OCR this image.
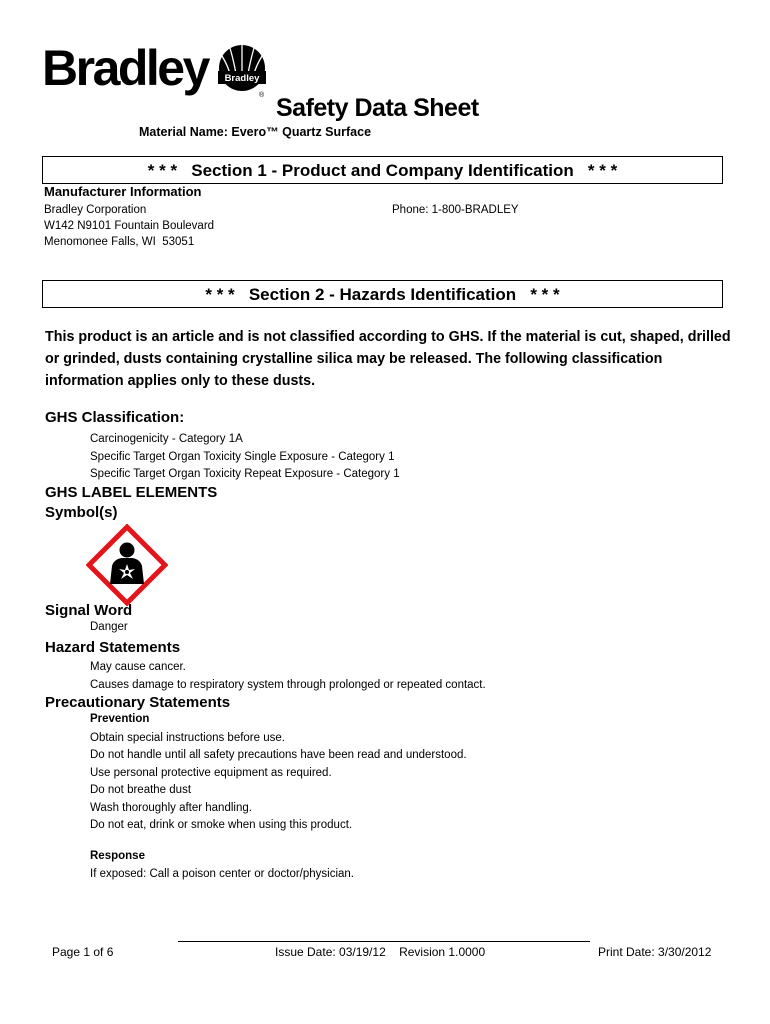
Bradley Bradley
® Safety Data Sheet
Material Name: Evero™ Quartz Surface
* * *   Section 1 - Product and Company Identification   * * *
Manufacturer Information
Bradley Corporation
W142 N9101 Fountain Boulevard
Menomonee Falls, WI  53051
Phone: 1-800-BRADLEY
* * *   Section 2 - Hazards Identification   * * *
This product is an article and is not classified according to GHS. If the material is cut, shaped, drilled or grinded, dusts containing crystalline silica may be released. The following classification information applies only to these dusts.
GHS Classification:
Carcinogenicity - Category 1A
Specific Target Organ Toxicity Single Exposure - Category 1
Specific Target Organ Toxicity Repeat Exposure - Category 1
GHS LABEL ELEMENTS
Symbol(s)
Signal Word
Danger
Hazard Statements
May cause cancer.
Causes damage to respiratory system through prolonged or repeated contact.
Precautionary Statements
Prevention
Obtain special instructions before use.
Do not handle until all safety precautions have been read and understood.
Use personal protective equipment as required.
Do not breathe dust
Wash thoroughly after handling.
Do not eat, drink or smoke when using this product.
Response
If exposed: Call a poison center or doctor/physician.
Page 1 of 6	Issue Date: 03/19/12    Revision 1.0000	Print Date: 3/30/2012
